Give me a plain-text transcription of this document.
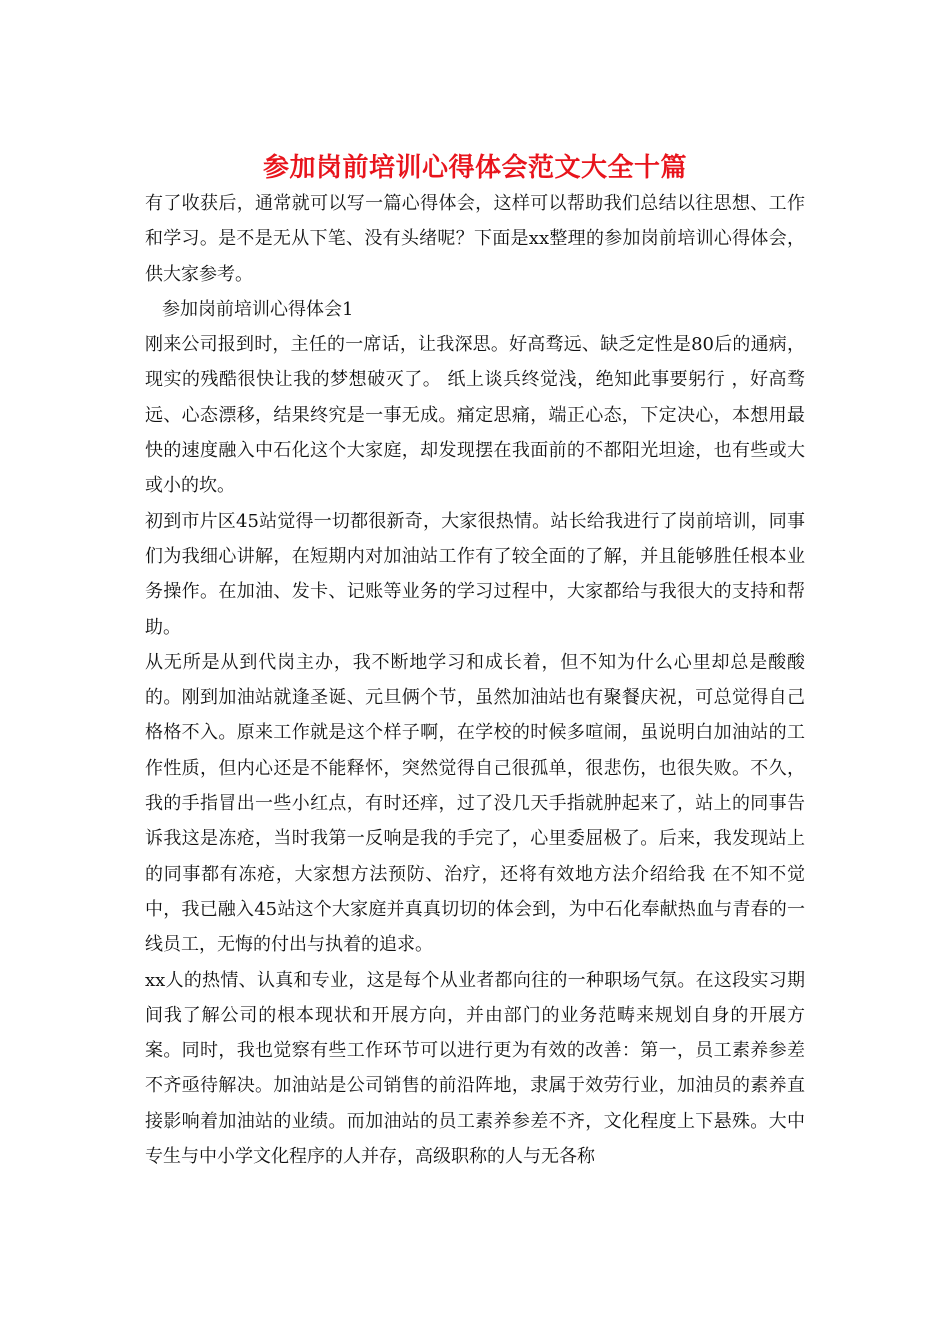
参加岗前培训心得体会范文大全十篇

有了收获后，通常就可以写一篇心得体会，这样可以帮助我们总结以往思想、工作和学习。是不是无从下笔、没有头绪呢？下面是xx整理的参加岗前培训心得体会，供大家参考。

参加岗前培训心得体会1

刚来公司报到时，主任的一席话，让我深思。好高骛远、缺乏定性是80后的通病，现实的残酷很快让我的梦想破灭了。 纸上谈兵终觉浅，绝知此事要躬行 ，好高骛远、心态漂移，结果终究是一事无成。痛定思痛，端正心态，下定决心，本想用最快的速度融入中石化这个大家庭，却发现摆在我面前的不都阳光坦途，也有些或大或小的坎。

初到市片区45站觉得一切都很新奇，大家很热情。站长给我进行了岗前培训，同事们为我细心讲解，在短期内对加油站工作有了较全面的了解，并且能够胜任根本业务操作。在加油、发卡、记账等业务的学习过程中，大家都给与我很大的支持和帮助。

从无所是从到代岗主办，我不断地学习和成长着，但不知为什么心里却总是酸酸的。刚到加油站就逢圣诞、元旦俩个节，虽然加油站也有聚餐庆祝，可总觉得自己格格不入。原来工作就是这个样子啊，在学校的时候多喧闹，虽说明白加油站的工作性质，但内心还是不能释怀，突然觉得自己很孤单，很悲伤，也很失败。不久，我的手指冒出一些小红点，有时还痒，过了没几天手指就肿起来了，站上的同事告诉我这是冻疮，当时我第一反响是我的手完了，心里委屈极了。后来，我发现站上的同事都有冻疮，大家想方法预防、治疗，还将有效地方法介绍给我 在不知不觉中，我已融入45站这个大家庭并真真切切的体会到，为中石化奉献热血与青春的一线员工，无悔的付出与执着的追求。

xx人的热情、认真和专业，这是每个从业者都向往的一种职场气氛。在这段实习期间我了解公司的根本现状和开展方向，并由部门的业务范畴来规划自身的开展方案。同时，我也觉察有些工作环节可以进行更为有效的改善：第一，员工素养参差不齐亟待解决。加油站是公司销售的前沿阵地，隶属于效劳行业，加油员的素养直接影响着加油站的业绩。而加油站的员工素养参差不齐，文化程度上下悬殊。大中专生与中小学文化程序的人并存，高级职称的人与无各称
